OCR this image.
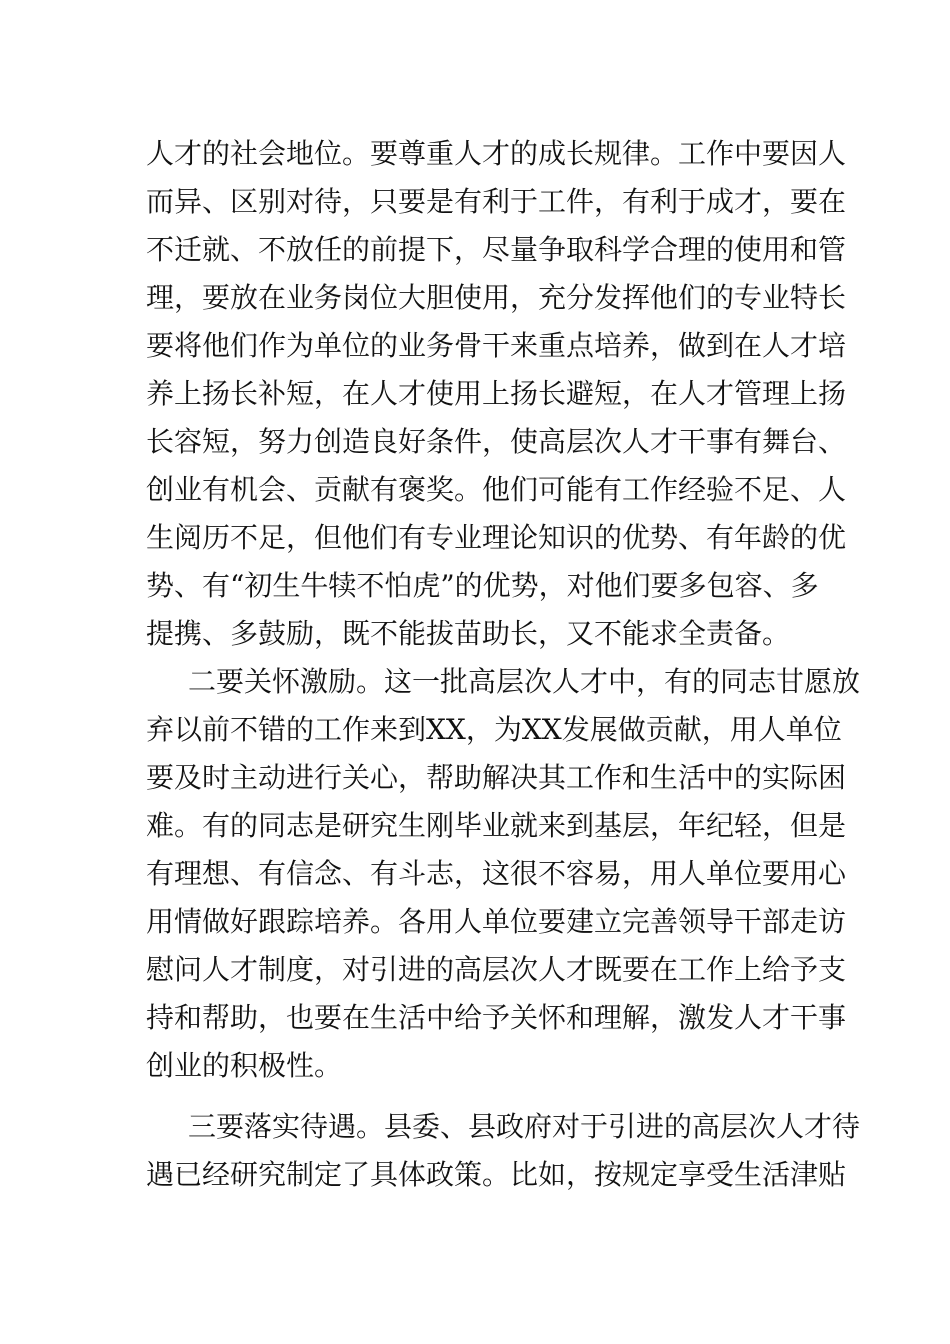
人才的社会地位。要尊重人才的成长规律。工作中要因人
而异、区别对待，只要是有利于工件，有利于成才，要在
不迁就、不放任的前提下，尽量争取科学合理的使用和管
理，要放在业务岗位大胆使用，充分发挥他们的专业特长
要将他们作为单位的业务骨干来重点培养，做到在人才培
养上扬长补短，在人才使用上扬长避短，在人才管理上扬
长容短，努力创造良好条件，使高层次人才干事有舞台、
创业有机会、贡献有褒奖。他们可能有工作经验不足、人
生阅历不足，但他们有专业理论知识的优势、有年龄的优
势、有“初生牛犊不怕虎”的优势，对他们要多包容、多
提携、多鼓励，既不能拔苗助长，又不能求全责备。
二要关怀激励。这一批高层次人才中，有的同志甘愿放
弃以前不错的工作来到XX，为XX发展做贡献，用人单位
要及时主动进行关心，帮助解决其工作和生活中的实际困
难。有的同志是研究生刚毕业就来到基层，年纪轻，但是
有理想、有信念、有斗志，这很不容易，用人单位要用心
用情做好跟踪培养。各用人单位要建立完善领导干部走访
慰问人才制度，对引进的高层次人才既要在工作上给予支
持和帮助，也要在生活中给予关怀和理解，激发人才干事
创业的积极性。
三要落实待遇。县委、县政府对于引进的高层次人才待
遇已经研究制定了具体政策。比如，按规定享受生活津贴
